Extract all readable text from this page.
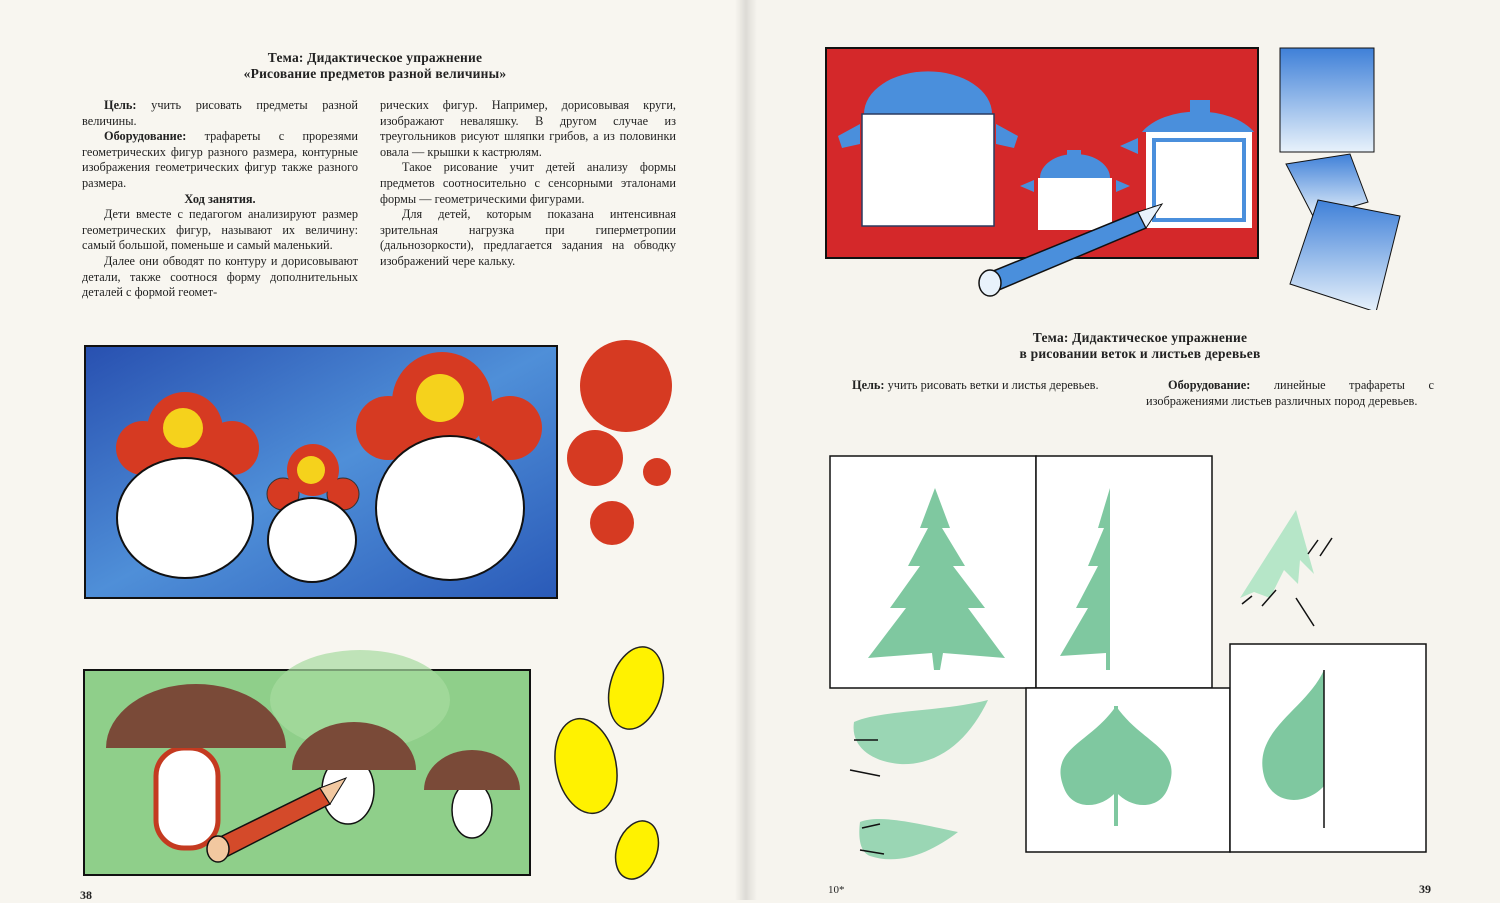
Тема: Дидактическое упражнение
«Рисование предметов разной величины»

Цель: учить рисовать предметы разной величины.

Оборудование: трафареты с прорезями геометрических фигур разного размера, контурные изображения геометрических фигур также разного размера.

Ход занятия.

Дети вместе с педагогом анализируют размер геометрических фигур, называют их величину: самый большой, поменьше и самый маленький.

Далее они обводят по контуру и дорисовывают детали, также соотнося форму дополнительных деталей с формой геомет-

рических фигур. Например, дорисовывая круги, изображают неваляшку. В другом случае из треугольников рисуют шляпки грибов, а из половинки овала — крышки к кастрюлям.

Такое рисование учит детей анализу формы предметов соотносительно с сенсорными эталонами формы — геометрическими фигурами.

Для детей, которым показана интенсивная зрительная нагрузка при гиперметропии (дальнозоркости), предлагается задания на обводку изображений чере кальку.

38
Тема: Дидактическое упражнение
в рисовании веток и листьев деревьев

Цель: учить рисовать ветки и листья деревьев.	Оборудование: линейные трафареты с изображениями листьев различных пород деревьев.

10*	39
